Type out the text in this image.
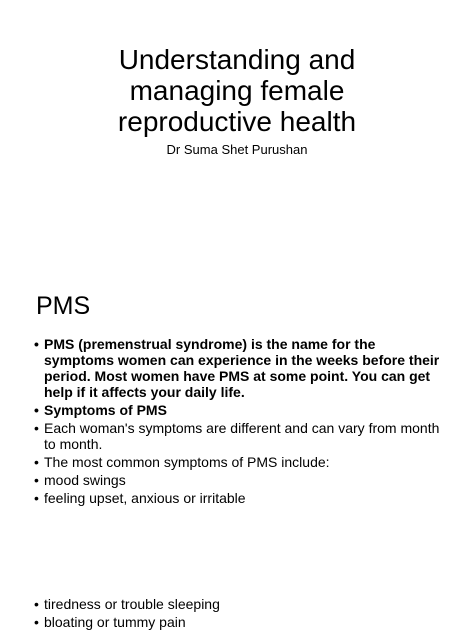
Understanding and
managing female
reproductive health
Dr Suma Shet Purushan
PMS
• PMS (premenstrual syndrome) is the name for the symptoms women can experience in the weeks before their period. Most women have PMS at some point. You can get help if it affects your daily life.
• Symptoms of PMS
• Each woman's symptoms are different and can vary from month to month.
• The most common symptoms of PMS include:
• mood swings
• feeling upset, anxious or irritable
• tiredness or trouble sleeping
• bloating or tummy pain
